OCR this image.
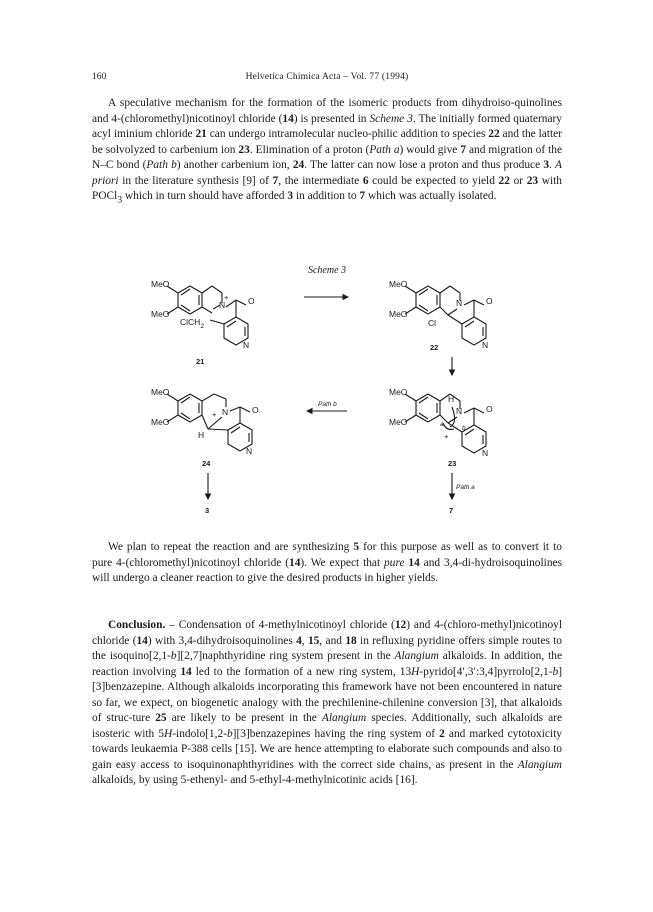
160	Helvetica Chimica Acta – Vol. 77 (1994)

A speculative mechanism for the formation of the isomeric products from dihydroiso-quinolines and 4-(chloromethyl)nicotinoyl chloride (14) is presented in Scheme 3. The initially formed quaternary acyl iminium chloride 21 can undergo intramolecular nucleo-philic addition to species 22 and the latter be solvolyzed to carbenium ion 23. Elimination of a proton (Path a) would give 7 and migration of the N–C bond (Path b) another carbenium ion, 24. The latter can now lose a proton and thus produce 3. A priori in the literature synthesis [9] of 7, the intermediate 6 could be expected to yield 22 or 23 with POCl$_3$ which in turn should have afforded 3 in addition to 7 which was actually isolated.

Scheme 3
MeO
MeO
N
+ O
ClCH$_2$
N
21
MeO
MeO
N	O
Cl
N
22
MeO
MeO
N
+	O
H
N
24
3
Path b
MeO
MeO
H
N	O
a
b
+
N
23
Path a
7

We plan to repeat the reaction and are synthesizing 5 for this purpose as well as to convert it to pure 4-(chloromethyl)nicotinoyl chloride (14). We expect that pure 14 and 3,4-di-hydroisoquinolines will undergo a cleaner reaction to give the desired products in higher yields.

Conclusion. – Condensation of 4-methylnicotinoyl chloride (12) and 4-(chloro-methyl)nicotinoyl chloride (14) with 3,4-dihydroisoquinolines 4, 15, and 18 in refluxing pyridine offers simple routes to the isoquino[2,1-b][2,7]naphthyridine ring system present in the Alangium alkaloids. In addition, the reaction involving 14 led to the formation of a new ring system, 13H-pyrido[4′,3′:3,4]pyrrolo[2,1-b][3]benzazepine. Although alkaloids incorporating this framework have not been encountered in nature so far, we expect, on biogenetic analogy with the prechilenine-chilenine conversion [3], that alkaloids of struc-ture 25 are likely to be present in the Alangium species. Additionally, such alkaloids are isosteric with 5H-indolo[1,2-b][3]benzazepines having the ring system of 2 and marked cytotoxicity towards leukaemia P-388 cells [15]. We are hence attempting to elaborate such compounds and also to gain easy access to isoquinonaphthyridines with the correct side chains, as present in the Alangium alkaloids, by using 5-ethenyl- and 5-ethyl-4-methylnicotinic acids [16].
